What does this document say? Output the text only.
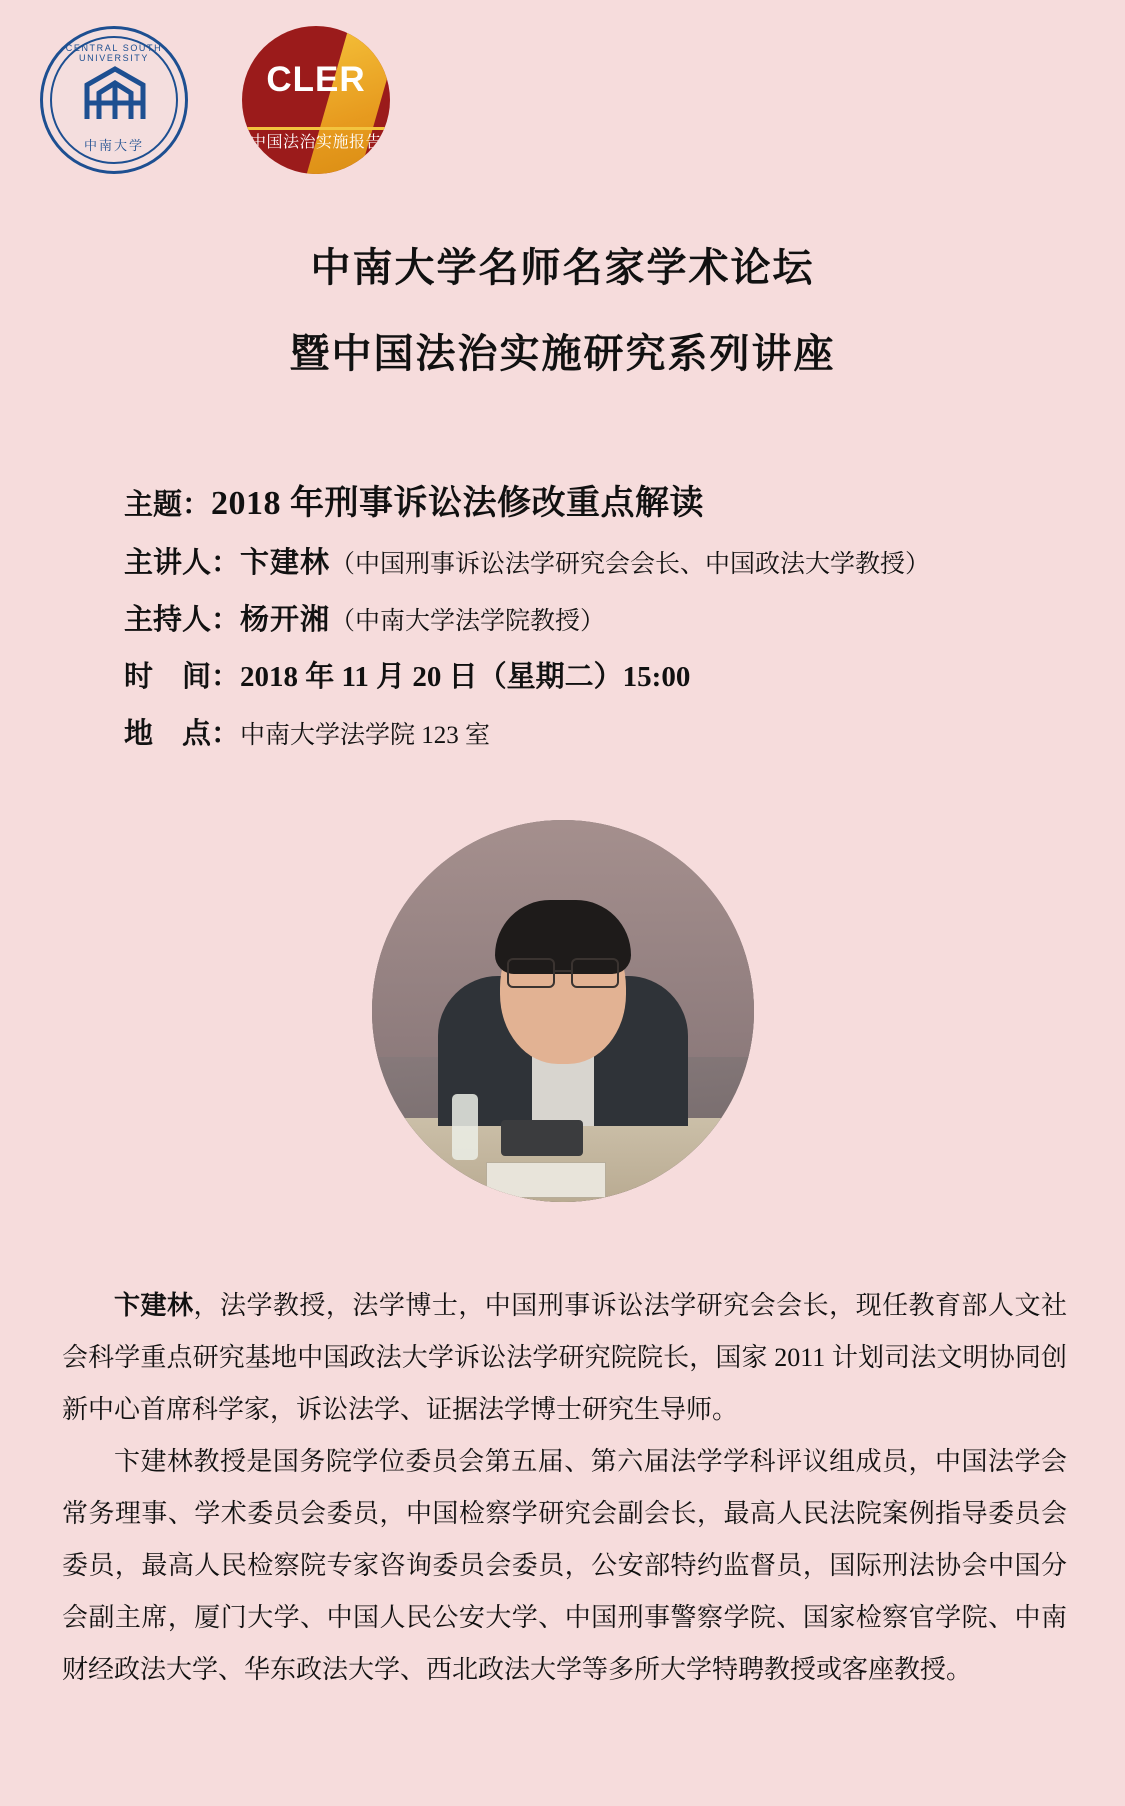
CENTRAL SOUTH UNIVERSITY
中南大学
CLER
中国法治实施报告
中南大学名师名家学术论坛
暨中国法治实施研究系列讲座
主题：2018 年刑事诉讼法修改重点解读
主讲人：卞建林（中国刑事诉讼法学研究会会长、中国政法大学教授）
主持人：杨开湘（中南大学法学院教授）
时　间：2018 年 11 月 20 日（星期二）15:00
地　点：中南大学法学院 123 室

卞建林，法学教授，法学博士，中国刑事诉讼法学研究会会长，现任教育部人文社会科学重点研究基地中国政法大学诉讼法学研究院院长，国家 2011 计划司法文明协同创新中心首席科学家，诉讼法学、证据法学博士研究生导师。

卞建林教授是国务院学位委员会第五届、第六届法学学科评议组成员，中国法学会常务理事、学术委员会委员，中国检察学研究会副会长，最高人民法院案例指导委员会委员，最高人民检察院专家咨询委员会委员，公安部特约监督员，国际刑法协会中国分会副主席，厦门大学、中国人民公安大学、中国刑事警察学院、国家检察官学院、中南财经政法大学、华东政法大学、西北政法大学等多所大学特聘教授或客座教授。
